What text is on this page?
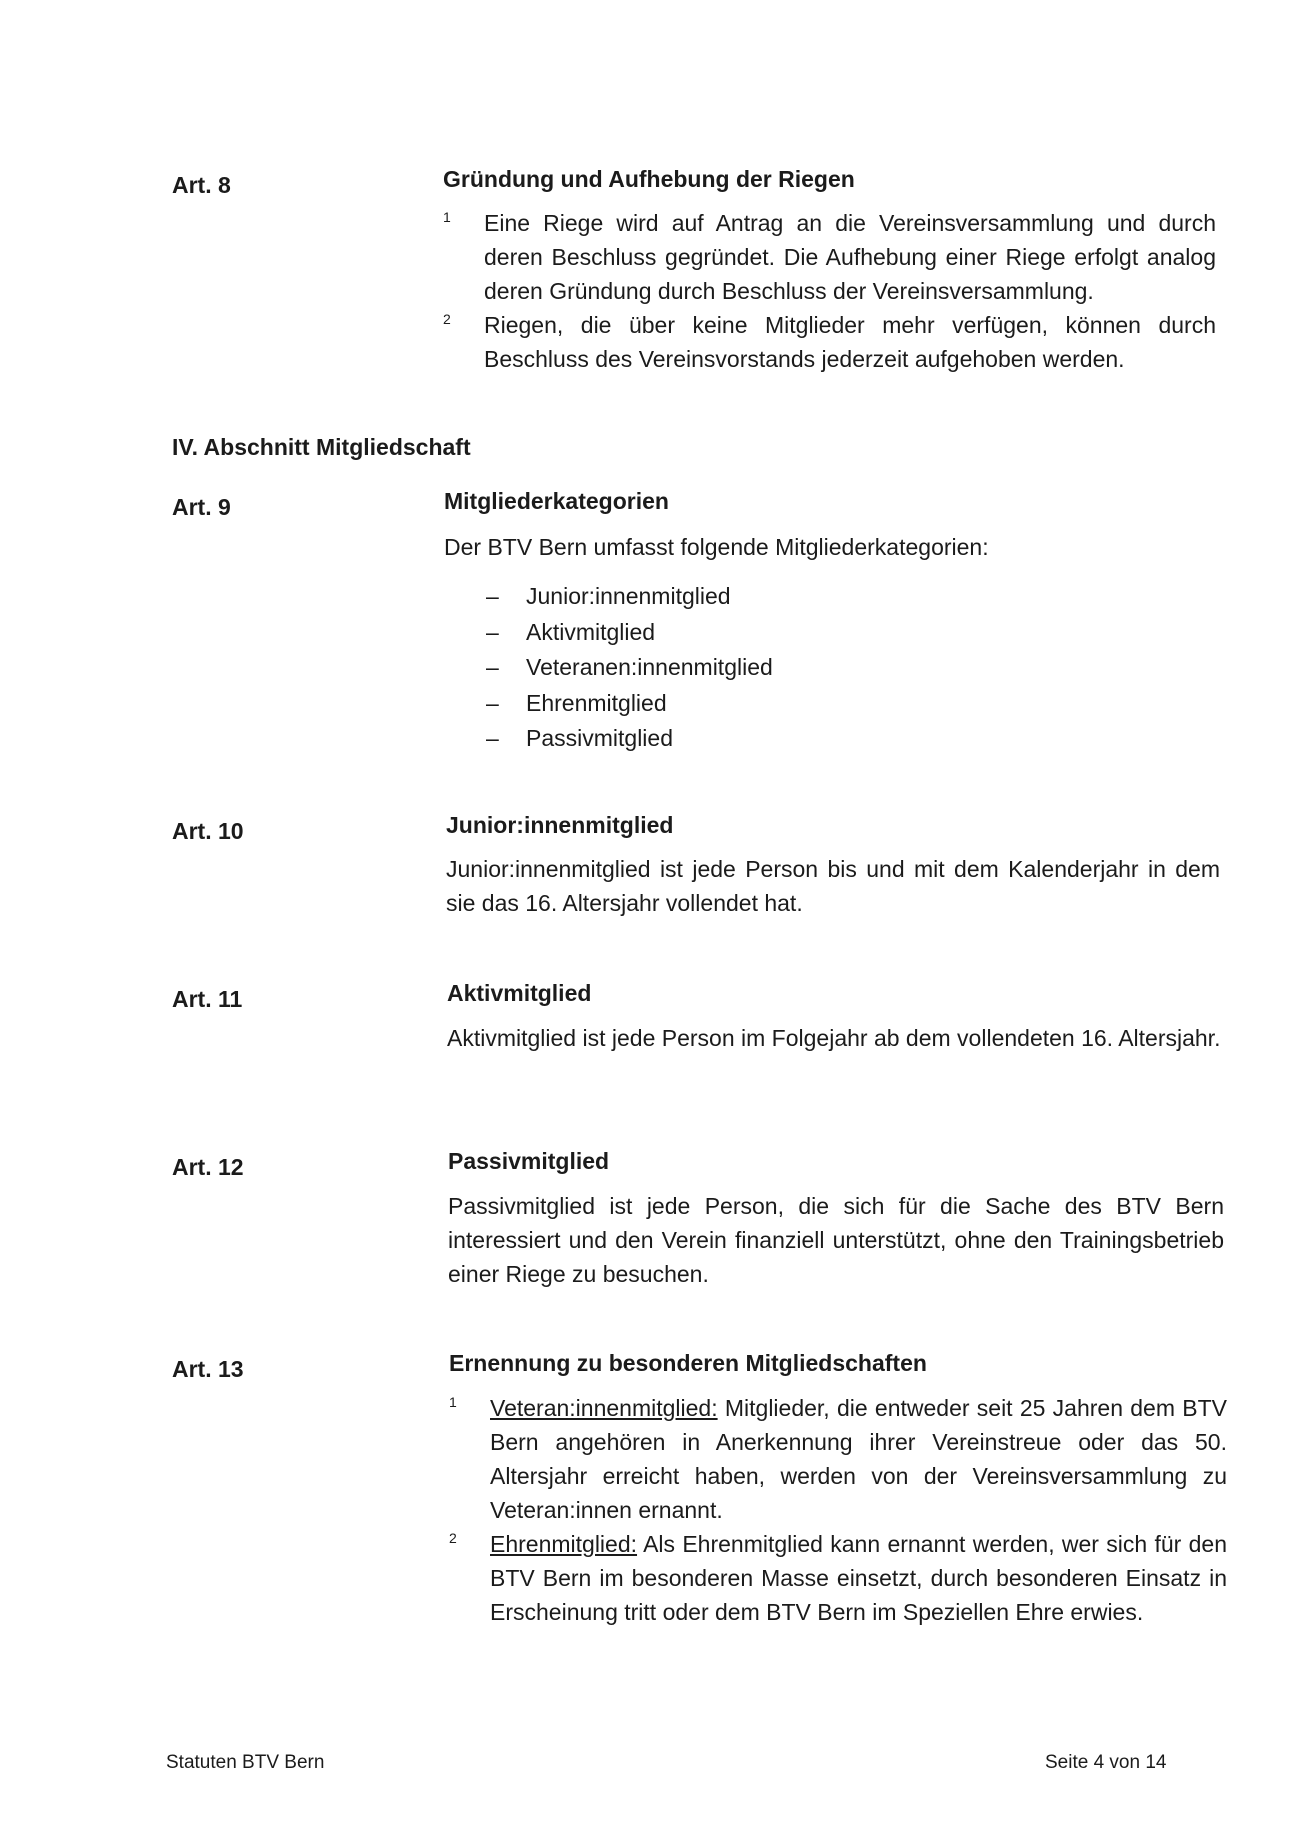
Art. 8	Gründung und Aufhebung der Riegen
1 Eine Riege wird auf Antrag an die Vereinsversammlung und durch deren Beschluss gegründet. Die Aufhebung einer Riege erfolgt analog deren Gründung durch Beschluss der Vereinsversammlung.
2 Riegen, die über keine Mitglieder mehr verfügen, können durch Beschluss des Vereinsvorstands jederzeit aufgehoben werden.
IV. Abschnitt Mitgliedschaft
Art. 9	Mitgliederkategorien
Der BTV Bern umfasst folgende Mitgliederkategorien:
– Junior:innenmitglied
– Aktivmitglied
– Veteranen:innenmitglied
– Ehrenmitglied
– Passivmitglied
Art. 10	Junior:innenmitglied
Junior:innenmitglied ist jede Person bis und mit dem Kalenderjahr in dem sie das 16. Altersjahr vollendet hat.
Art. 11	Aktivmitglied
Aktivmitglied ist jede Person im Folgejahr ab dem vollendeten 16. Altersjahr.
Art. 12	Passivmitglied
Passivmitglied ist jede Person, die sich für die Sache des BTV Bern interessiert und den Verein finanziell unterstützt, ohne den Trainingsbetrieb einer Riege zu besuchen.
Art. 13	Ernennung zu besonderen Mitgliedschaften
1 Veteran:innenmitglied: Mitglieder, die entweder seit 25 Jahren dem BTV Bern angehören in Anerkennung ihrer Vereinstreue oder das 50. Altersjahr erreicht haben, werden von der Vereinsversammlung zu Veteran:innen ernannt.
2 Ehrenmitglied: Als Ehrenmitglied kann ernannt werden, wer sich für den BTV Bern im besonderen Masse einsetzt, durch besonderen Einsatz in Erscheinung tritt oder dem BTV Bern im Speziellen Ehre erwies.
Statuten BTV Bern	Seite 4 von 14
